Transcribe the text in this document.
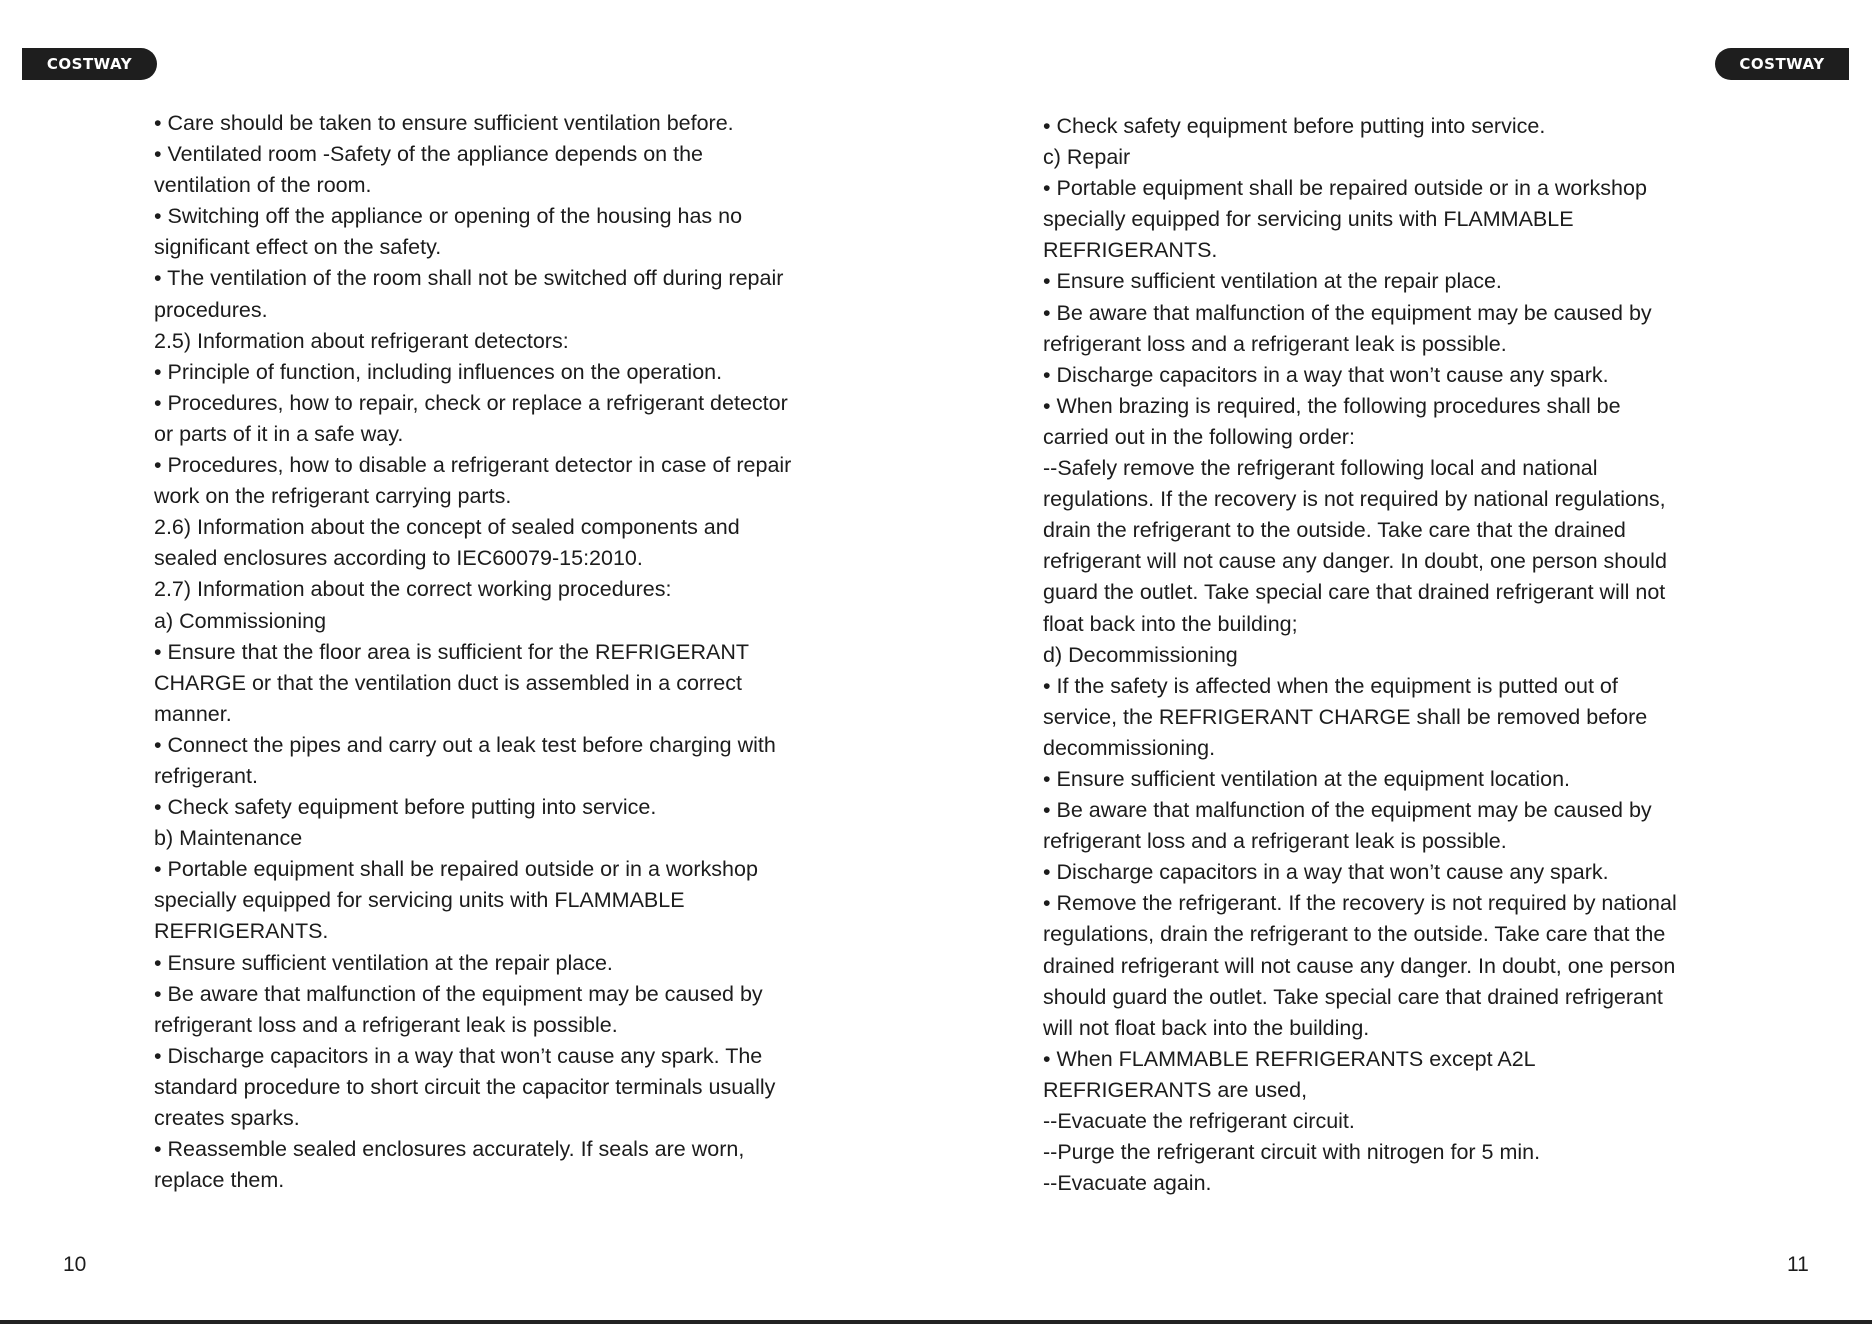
COSTWAY	COSTWAY
• Care should be taken to ensure sufficient ventilation before.
• Ventilated room -Safety of the appliance depends on the
ventilation of the room.
• Switching off the appliance or opening of the housing has no
significant effect on the safety.
• The ventilation of the room shall not be switched off during repair
procedures.
2.5) Information about refrigerant detectors:
• Principle of function, including influences on the operation.
• Procedures, how to repair, check or replace a refrigerant detector
or parts of it in a safe way.
• Procedures, how to disable a refrigerant detector in case of repair
work on the refrigerant carrying parts.
2.6) Information about the concept of sealed components and
sealed enclosures according to IEC60079-15:2010.
2.7) Information about the correct working procedures:
a) Commissioning
• Ensure that the floor area is sufficient for the REFRIGERANT
CHARGE or that the ventilation duct is assembled in a correct
manner.
• Connect the pipes and carry out a leak test before charging with
refrigerant.
• Check safety equipment before putting into service.
b) Maintenance
• Portable equipment shall be repaired outside or in a workshop
specially equipped for servicing units with FLAMMABLE
REFRIGERANTS.
• Ensure sufficient ventilation at the repair place.
• Be aware that malfunction of the equipment may be caused by
refrigerant loss and a refrigerant leak is possible.
• Discharge capacitors in a way that won’t cause any spark. The
standard procedure to short circuit the capacitor terminals usually
creates sparks.
• Reassemble sealed enclosures accurately. If seals are worn,
replace them.
• Check safety equipment before putting into service.
c) Repair
• Portable equipment shall be repaired outside or in a workshop
specially equipped for servicing units with FLAMMABLE
REFRIGERANTS.
• Ensure sufficient ventilation at the repair place.
• Be aware that malfunction of the equipment may be caused by
refrigerant loss and a refrigerant leak is possible.
• Discharge capacitors in a way that won’t cause any spark.
• When brazing is required, the following procedures shall be
carried out in the following order:
--Safely remove the refrigerant following local and national
regulations. If the recovery is not required by national regulations,
drain the refrigerant to the outside. Take care that the drained
refrigerant will not cause any danger. In doubt, one person should
guard the outlet. Take special care that drained refrigerant will not
float back into the building;
d) Decommissioning
• If the safety is affected when the equipment is putted out of
service, the REFRIGERANT CHARGE shall be removed before
decommissioning.
• Ensure sufficient ventilation at the equipment location.
• Be aware that malfunction of the equipment may be caused by
refrigerant loss and a refrigerant leak is possible.
• Discharge capacitors in a way that won’t cause any spark.
• Remove the refrigerant. If the recovery is not required by national
regulations, drain the refrigerant to the outside. Take care that the
drained refrigerant will not cause any danger. In doubt, one person
should guard the outlet. Take special care that drained refrigerant
will not float back into the building.
• When FLAMMABLE REFRIGERANTS except A2L
REFRIGERANTS are used,
--Evacuate the refrigerant circuit.
--Purge the refrigerant circuit with nitrogen for 5 min.
--Evacuate again.
10	11
